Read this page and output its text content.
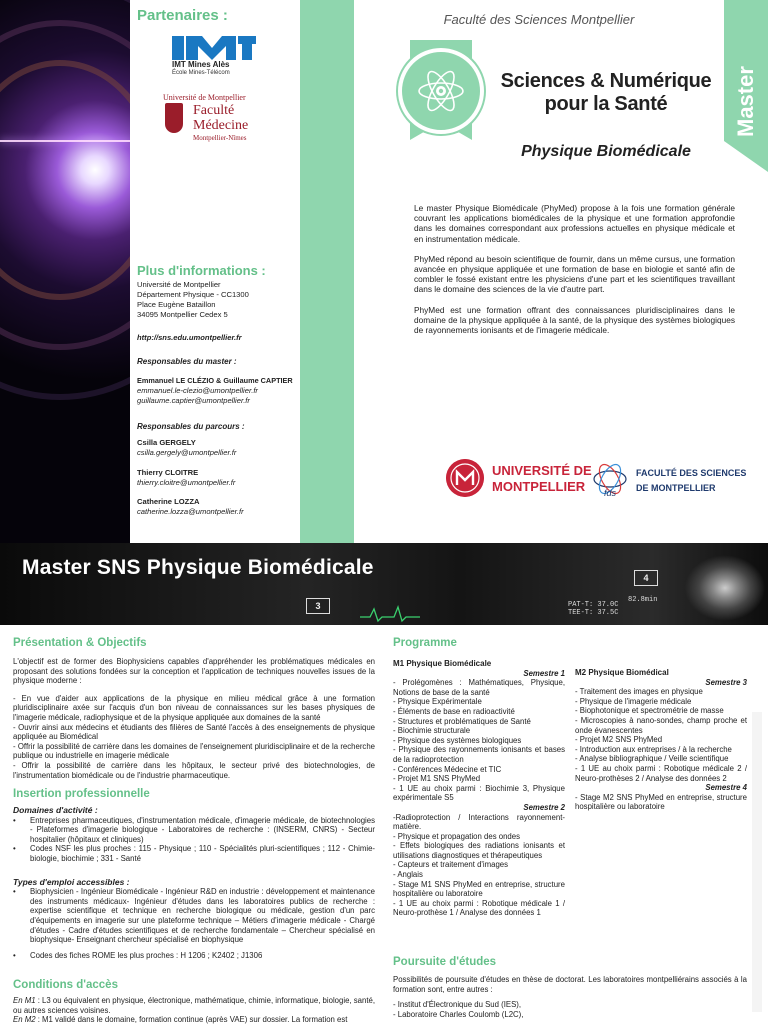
Partenaires :
IMT Mines Alès
École Mines-Télécom
Université de Montpellier
Faculté
Médecine
Montpellier-Nîmes
Plus d'informations :
Université de Montpellier
Département Physique - CC1300
Place Eugène Bataillon
34095 Montpellier Cedex 5
http://sns.edu.umontpellier.fr
Responsables du master :
Emmanuel LE CLÉZIO & Guillaume CAPTIER
emmanuel.le-clezio@umontpellier.fr
guillaume.captier@umontpellier.fr
Responsables du parcours :
Csilla GERGELY
csilla.gergely@umontpellier.fr
Thierry CLOITRE
thierry.cloitre@umontpellier.fr
Catherine LOZZA
catherine.lozza@umontpellier.fr
Faculté des Sciences Montpellier
Sciences & Numérique
pour la Santé
Physique Biomédicale
Master

Le master Physique Biomédicale (PhyMed) propose à la fois une formation générale couvrant les applications biomédicales de la physique et une formation approfondie dans les domaines correspondant aux professions actuelles en physique médicale et en instrumentation médicale.

PhyMed répond au besoin scientifique de fournir, dans un même cursus, une formation avancée en physique appliquée et une formation de base en biologie et santé afin de combler le fossé existant entre les physiciens d'une part et les scientifiques travaillant dans le domaine des sciences de la vie d'autre part.

PhyMed est une formation offrant des connaissances pluridisciplinaires dans le domaine de la physique appliquée à la santé, de la physique des systèmes biologiques de rayonnements ionisants et de l'imagerie médicale.

UNIVERSITÉ DE
MONTPELLIER fds
FACULTÉ DES SCIENCES
DE MONTPELLIER
Master SNS Physique Biomédicale
3
4
PAT-T: 37.0C
TEE-T: 37.5C
82.8min
Présentation & Objectifs
L'objectif est de former des Biophysiciens capables d'appréhender les problématiques médicales en proposant des solutions fondées sur la conception et l'application de techniques nouvelles issues de la physique moderne :
- En vue d'aider aux applications de la physique en milieu médical grâce à une formation pluridisciplinaire axée sur l'acquis d'un bon niveau de connaissances sur les bases physiques de l'imagerie médicale, radiophysique et de la physique appliquée aux domaines de la santé
- Ouvrir ainsi aux médecins et étudiants des filières de Santé l'accès à des enseignements de physique appliquée au Biomédical
- Offrir la possibilité de carrière dans les domaines de l'enseignement pluridisciplinaire et de la recherche publique ou industrielle en imagerie médicale
- Offrir la possibilité de carrière dans les hôpitaux, le secteur privé des biotechnologies, de l'instrumentation biomédicale ou de l'industrie pharmaceutique.
Insertion professionnelle
Domaines d'activité :
• Entreprises pharmaceutiques, d'instrumentation médicale, d'imagerie médicale, de biotechnologies - Plateformes d'imagerie biologique - Laboratoires de recherche : (INSERM, CNRS) - Secteur hospitalier (hôpitaux et cliniques)
• Codes NSF les plus proches : 115 - Physique ; 110 - Spécialités pluri-scientifiques ; 112 - Chimie-biologie, biochimie ; 331 - Santé
Types d'emploi accessibles :
• Biophysicien - Ingénieur Biomédicale - Ingénieur R&D en industrie : développement et maintenance des instruments médicaux- Ingénieur d'études dans les laboratoires publics de recherche : expertise scientifique et technique en recherche biologique ou médicale, gestion d'un parc d'équipements en imagerie sur une plateforme technique – Métiers d'imagerie médicale - Chargé d'études - Cadre d'études scientifiques et de recherche fondamentale – Chercheur spécialisé en biophysique- Enseignant chercheur spécialisé en biophysique
• Codes des fiches ROME les plus proches : H 1206 ; K2402 ; J1306
Conditions d'accès
En M1 : L3 ou équivalent en physique, électronique, mathématique, chimie, informatique, biologie, santé, ou autres sciences voisines.
En M2 : M1 validé dans le domaine, formation continue (après VAE) sur dossier. La formation est
Programme
M1 Physique Biomédicale
Semestre 1
- Prolégomènes : Mathématiques, Physique, Notions de base de la santé
- Physique Expérimentale
- Éléments de base en radioactivité
- Structures et problématiques de Santé
- Biochimie structurale
- Physique des systèmes biologiques
- Physique des rayonnements ionisants et bases de la radioprotection
- Conférences Médecine et TIC
- Projet M1 SNS PhyMed
- 1 UE au choix parmi : Biochimie 3, Physique expérimentale S5
Semestre 2
-Radioprotection / Interactions rayonnement-matière.
- Physique et propagation des ondes
- Effets biologiques des radiations ionisants et utilisations diagnostiques et thérapeutiques
- Capteurs et traitement d'images
- Anglais
- Stage M1 SNS PhyMed en entreprise, structure hospitalière ou laboratoire
- 1 UE au choix parmi : Robotique médicale 1 / Neuro-prothèse 1 / Analyse des données 1
M2 Physique Biomédical
Semestre 3
- Traitement des images en physique
- Physique de l'imagerie médicale
- Biophotonique et spectrométrie de masse
- Microscopies à nano-sondes, champ proche et onde évanescentes
- Projet M2 SNS PhyMed
- Introduction aux entreprises / à la recherche
- Analyse bibliographique / Veille scientifique
- 1 UE au choix parmi : Robotique médicale 2 / Neuro-prothèses 2 / Analyse des données 2
Semestre 4
- Stage M2 SNS PhyMed en entreprise, structure hospitalière ou laboratoire
Poursuite d'études
Possibilités de poursuite d'études en thèse de doctorat. Les laboratoires montpelliérains associés à la formation sont, entre autres :
- Institut d'Électronique du Sud (IES),
- Laboratoire Charles Coulomb (L2C),
